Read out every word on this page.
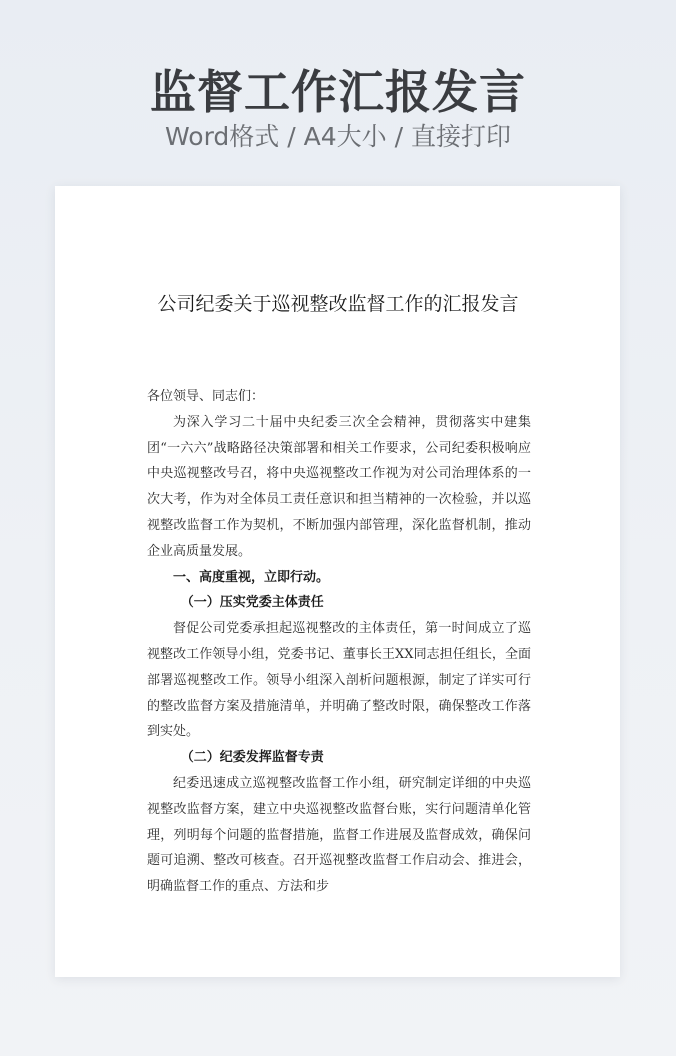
监督工作汇报发言
Word格式 / A4大小 / 直接打印
公司纪委关于巡视整改监督工作的汇报发言

各位领导、同志们：

为深入学习二十届中央纪委三次全会精神，贯彻落实中建集团“一六六”战略路径决策部署和相关工作要求，公司纪委积极响应中央巡视整改号召，将中央巡视整改工作视为对公司治理体系的一次大考，作为对全体员工责任意识和担当精神的一次检验，并以巡视整改监督工作为契机，不断加强内部管理，深化监督机制，推动企业高质量发展。

一、高度重视，立即行动。

（一）压实党委主体责任

督促公司党委承担起巡视整改的主体责任，第一时间成立了巡视整改工作领导小组，党委书记、董事长王XX同志担任组长，全面部署巡视整改工作。领导小组深入剖析问题根源，制定了详实可行的整改监督方案及措施清单，并明确了整改时限，确保整改工作落到实处。

（二）纪委发挥监督专责

纪委迅速成立巡视整改监督工作小组，研究制定详细的中央巡视整改监督方案，建立中央巡视整改监督台账，实行问题清单化管理，列明每个问题的监督措施，监督工作进展及监督成效，确保问题可追溯、整改可核查。召开巡视整改监督工作启动会、推进会，明确监督工作的重点、方法和步
